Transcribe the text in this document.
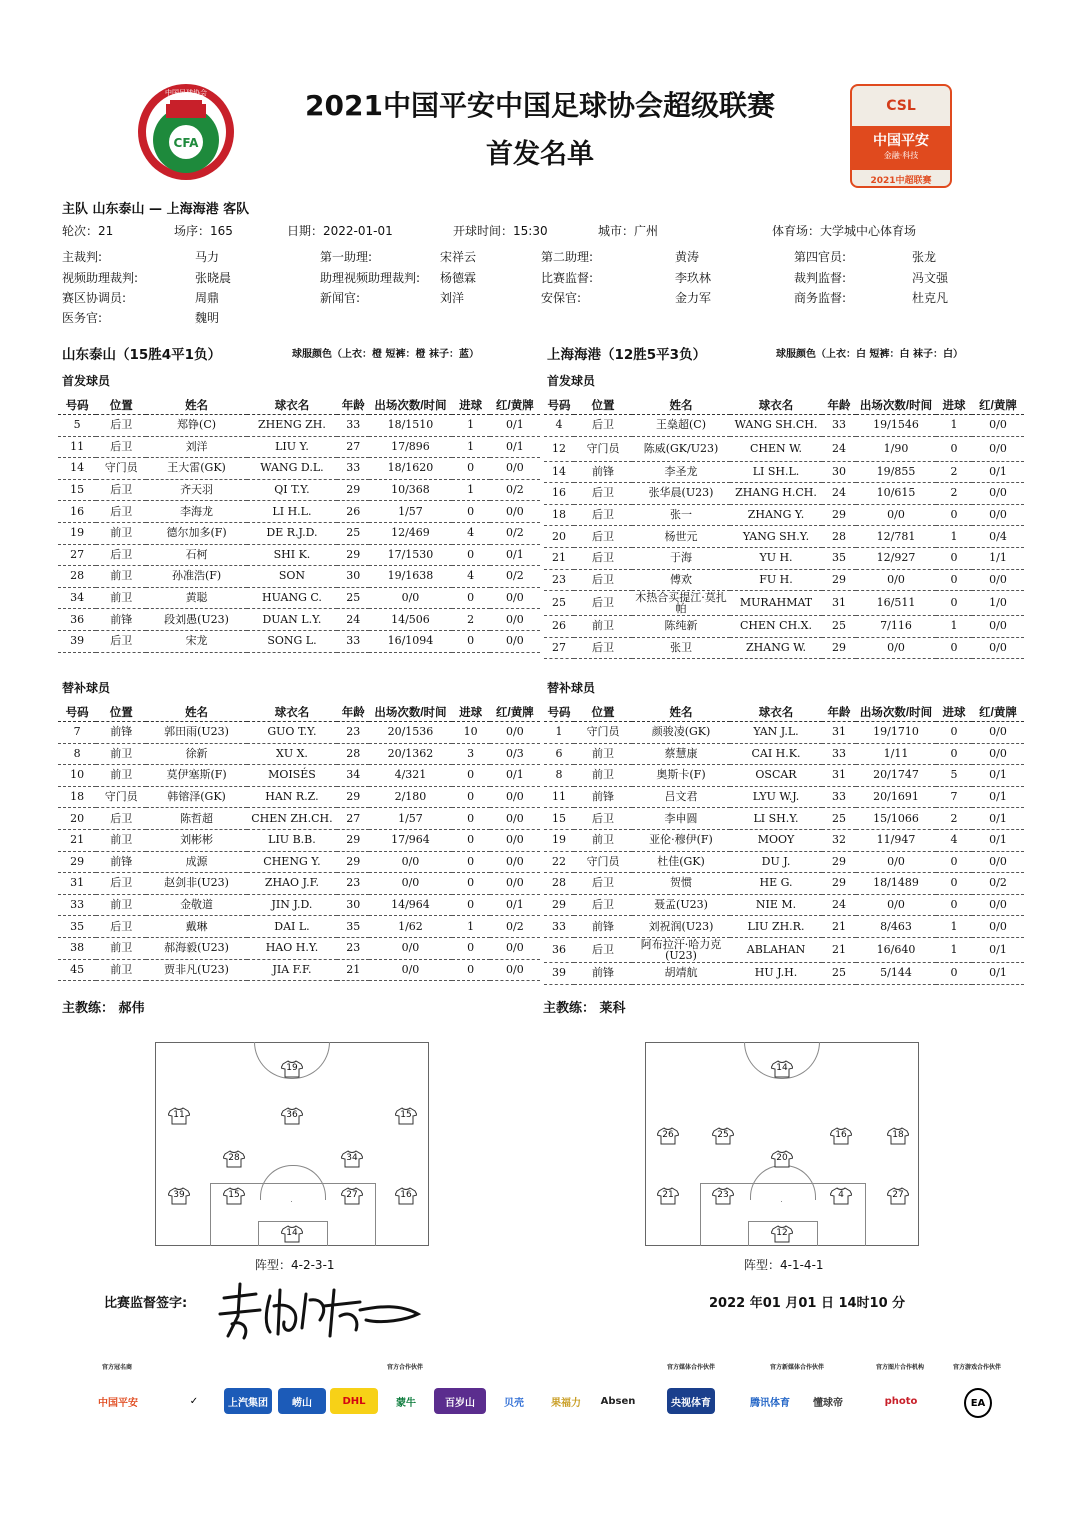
CFA
中国足球协会	2021中国平安中国足球协会超级联赛
首发名单
CSL
中国平安
金融·科技
2021中超联赛
主队 山东泰山 — 上海海港 客队
轮次：21	场序：165	日期：2022-01-01	开球时间：15:30	城市：广州	体育场：大学城中心体育场
主裁判:	马力	第一助理:	宋祥云	第二助理:	黄涛	第四官员:	张龙
视频助理裁判:	张晓晨	助理视频助理裁判: 杨德霖	比赛监督:	李玖林	裁判监督:	冯文强
赛区协调员:	周鼎	新闻官:	刘洋	安保官:	金力军	商务监督:	杜克凡
医务官:	魏明
山东泰山（15胜4平1负）	球服颜色（上衣：橙 短裤：橙 袜子：蓝）	上海海港（12胜5平3负）	球服颜色（上衣：白 短裤：白 袜子：白）
首发球员	首发球员
替补球员	替补球员
号码	位置	姓名	球衣名	年龄	出场次数/时间	进球	红/黄牌
5	后卫	郑铮(C)	ZHENG ZH.	33	18/1510	1	0/1
11	后卫	刘洋	LIU Y.	27	17/896	1	0/1
14	守门员	王大雷(GK)	WANG D.L.	33	18/1620	0	0/0
15	后卫	齐天羽	QI T.Y.	29	10/368	1	0/2
16	后卫	李海龙	LI H.L.	26	1/57	0	0/0
19	前卫	德尔加多(F)	DE R.J.D.	25	12/469	4	0/2
27	后卫	石柯	SHI K.	29	17/1530	0	0/1
28	前卫	孙准浩(F)	SON	30	19/1638	4	0/2
34	前卫	黄聪	HUANG C.	25	0/0	0	0/0
36	前锋	段刘愚(U23)	DUAN L.Y.	24	14/506	2	0/0
39	后卫	宋龙	SONG L.	33	16/1094	0	0/0
号码	位置	姓名	球衣名	年龄	出场次数/时间	进球	红/黄牌
4	后卫	王燊超(C)	WANG SH.CH.	33	19/1546	1	0/0
12	守门员	陈威(GK/U23)	CHEN W.	24	1/90	0	0/0
14	前锋	李圣龙	LI SH.L.	30	19/855	2	0/1
16	后卫	张华晨(U23)	ZHANG H.CH.	24	10/615	2	0/0
18	后卫	张一	ZHANG Y.	29	0/0	0	0/0
20	后卫	杨世元	YANG SH.Y.	28	12/781	1	0/4
21	后卫	于海	YU H.	35	12/927	0	1/1
23	后卫	傅欢	FU H.	29	0/0	0	0/0
25	后卫	木热合买提江·莫扎帕	MURAHMAT	31	16/511	0	1/0
26	前卫	陈纯新	CHEN CH.X.	25	7/116	1	0/0
27	后卫	张卫	ZHANG W.	29	0/0	0	0/0
号码	位置	姓名	球衣名	年龄	出场次数/时间	进球	红/黄牌
7	前锋	郭田雨(U23)	GUO T.Y.	23	20/1536	10	0/0
8	前卫	徐新	XU X.	28	20/1362	3	0/3
10	前卫	莫伊塞斯(F)	MOISÉS	34	4/321	0	0/1
18	守门员	韩镕泽(GK)	HAN R.Z.	29	2/180	0	0/0
20	后卫	陈哲超	CHEN ZH.CH.	27	1/57	0	0/0
21	前卫	刘彬彬	LIU B.B.	29	17/964	0	0/0
29	前锋	成源	CHENG Y.	29	0/0	0	0/0
31	后卫	赵剑非(U23)	ZHAO J.F.	23	0/0	0	0/0
33	前卫	金敬道	JIN J.D.	30	14/964	0	0/1
35	后卫	戴琳	DAI L.	35	1/62	1	0/2
38	前卫	郝海毅(U23)	HAO H.Y.	23	0/0	0	0/0
45	前卫	贾非凡(U23)	JIA F.F.	21	0/0	0	0/0
号码	位置	姓名	球衣名	年龄	出场次数/时间	进球	红/黄牌
1	守门员	颜骏凌(GK)	YAN J.L.	31	19/1710	0	0/0
6	前卫	蔡慧康	CAI H.K.	33	1/11	0	0/0
8	前卫	奥斯卡(F)	OSCAR	31	20/1747	5	0/1
11	前锋	吕文君	LYU W.J.	33	20/1691	7	0/1
15	后卫	李申圆	LI SH.Y.	25	15/1066	2	0/1
19	前卫	亚伦·穆伊(F)	MOOY	32	11/947	4	0/1
22	守门员	杜佳(GK)	DU J.	29	0/0	0	0/0
28	后卫	贺惯	HE G.	29	18/1489	0	0/2
29	后卫	聂孟(U23)	NIE M.	24	0/0	0	0/0
33	前锋	刘祝润(U23)	LIU ZH.R.	21	8/463	1	0/0
36	后卫	阿布拉汗·哈力克(U23)	ABLAHAN	21	16/640	1	0/1
39	前锋	胡靖航	HU J.H.	25	5/144	0	0/1
主教练： 郝伟	主教练： 莱科
19
11	36	15
28	34
39	15	27	16
14
14
26	25	16	18
20
21	23	4	27
12
阵型：4-2-3-1	阵型：4-1-4-1
比赛监督签字:	2022 年01 月01 日 14时10 分
官方冠名商	官方合作伙伴	官方媒体合作伙伴	官方新媒体合作伙伴	官方图片合作机构	官方游戏合作伙伴
中国平安	✓	上汽集团	崂山	DHL	蒙牛	百岁山	贝壳	果福力	Absen	央视体育	腾讯体育	懂球帝	photo	EA
